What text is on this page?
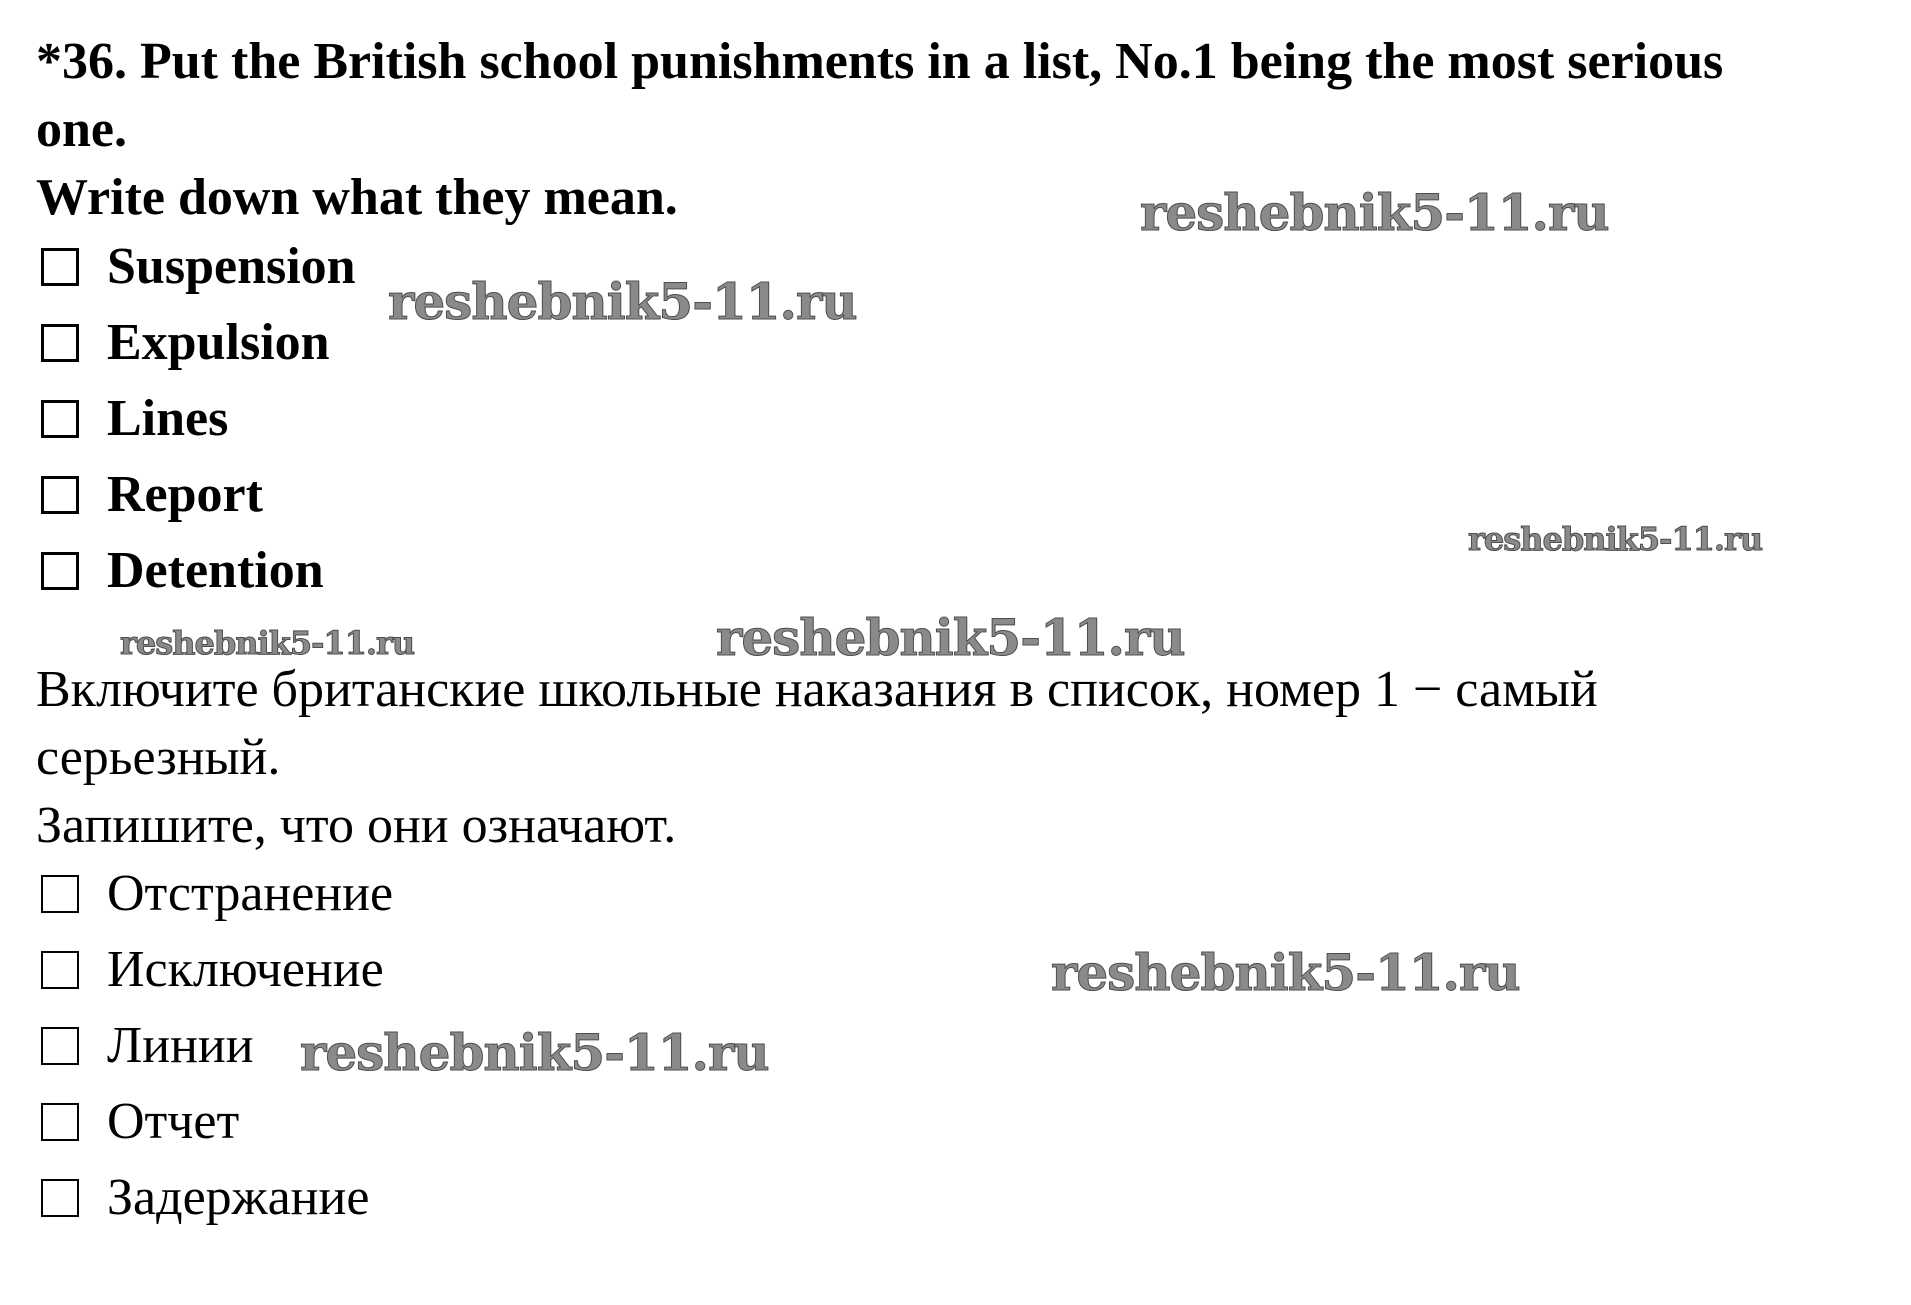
*36. Put the British school punishments in a list, No.1 being the most serious
one.
Write down what they mean.
Suspension
Expulsion
Lines
Report
Detention
Включите британские школьные наказания в список, номер 1 − самый
серьезный.
Запишите, что они означают.
Отстранение
Исключение
Линии
Отчет
Задержание
reshebnik5-11.ru
reshebnik5-11.ru
reshebnik5-11.ru
reshebnik5-11.ru	reshebnik5-11.ru
reshebnik5-11.ru
reshebnik5-11.ru
